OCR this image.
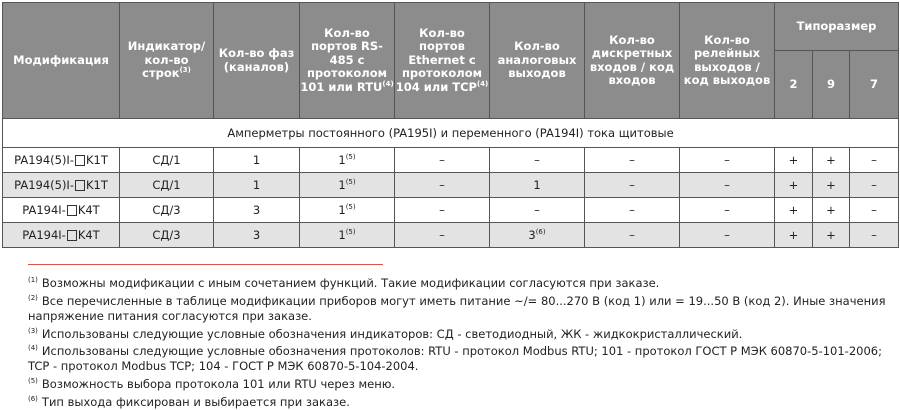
Модификация	Индикатор/ кол-во строк$^{(3)}$	Кол-во фаз (каналов)	Кол-во портов RS-485 с протоколом 101 или RTU$^{(4)}$	Кол-во портов Ethernet с протоколом 104 или TCP$^{(4)}$	Кол-во аналоговых выходов	Кол-во дискретных входов / код входов	Кол-во релейных выходов / код выходов	Типоразмер		
								2	9	7
Амперметры постоянного (PA195I) и переменного (PA194I) тока щитовые										
PA194(5)I- K1T	СД/1	1	1$^{(5)}$	–	–	–	–	+	+	–
PA194(5)I- K1T	СД/1	1	1$^{(5)}$	–	1	–	–	+	+	–
PA194I- K4T	СД/3	3	1$^{(5)}$	–	–	–	–	+	+	–
PA194I- K4T	СД/3	3	1$^{(5)}$	–	3$^{(6)}$	–	–	+	+	–
$^{(1)}$ Возможны модификации с иным сочетанием функций. Такие модификации согласуются при заказе.
$^{(2)}$ Все перечисленные в таблице модификации приборов могут иметь питание ~/= 80...270 В (код 1) или = 19...50 В (код 2). Иные значения напряжение питания согласуются при заказе.
$^{(3)}$ Использованы следующие условные обозначения индикаторов: СД - светодиодный, ЖК - жидкокристаллический.
$^{(4)}$ Использованы следующие условные обозначения протоколов: RTU - протокол Modbus RTU; 101 - протокол ГОСТ Р МЭК 60870-5-101-2006; TCP - протокол Modbus TCP; 104 - ГОСТ Р МЭК 60870-5-104-2004.
$^{(5)}$ Возможность выбора протокола 101 или RTU через меню.
$^{(6)}$ Тип выхода фиксирован и выбирается при заказе.
